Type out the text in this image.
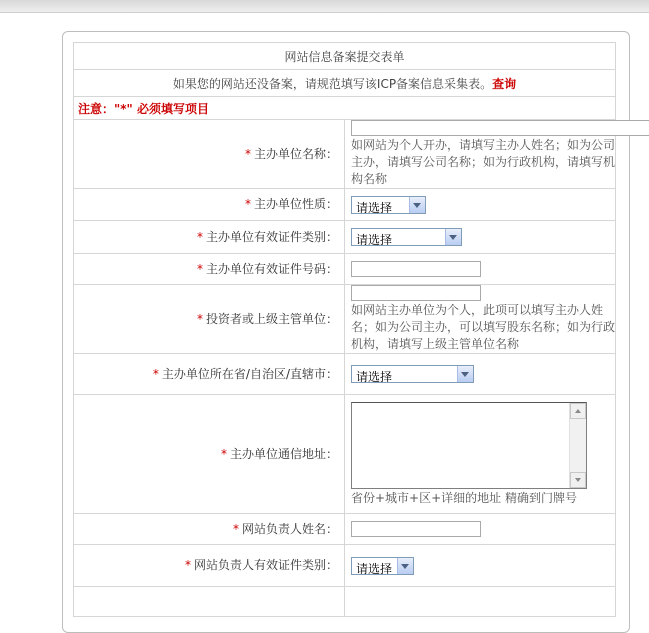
网站信息备案提交表单	
如果您的网站还没备案，请规范填写该ICP备案信息采集表。查询	
注意："*" 必须填写项目	
* 主办单位名称：	如网站为个人开办，请填写主办人姓名；如为公司主办，请填写公司名称；如为行政机构，请填写机构名称

* 主办单位性质：	请选择

* 主办单位有效证件类别：	请选择

* 主办单位有效证件号码：	
* 投资者或上级主管单位：	如网站主办单位为个人，此项可以填写主办人姓名；如为公司主办，可以填写股东名称；如为行政机构，请填写上级主管单位名称

* 主办单位所在省/自治区/直辖市：	请选择

* 主办单位通信地址：	省份+城市+区+详细的地址 精确到门牌号

* 网站负责人姓名：	
* 网站负责人有效证件类别：	请选择
